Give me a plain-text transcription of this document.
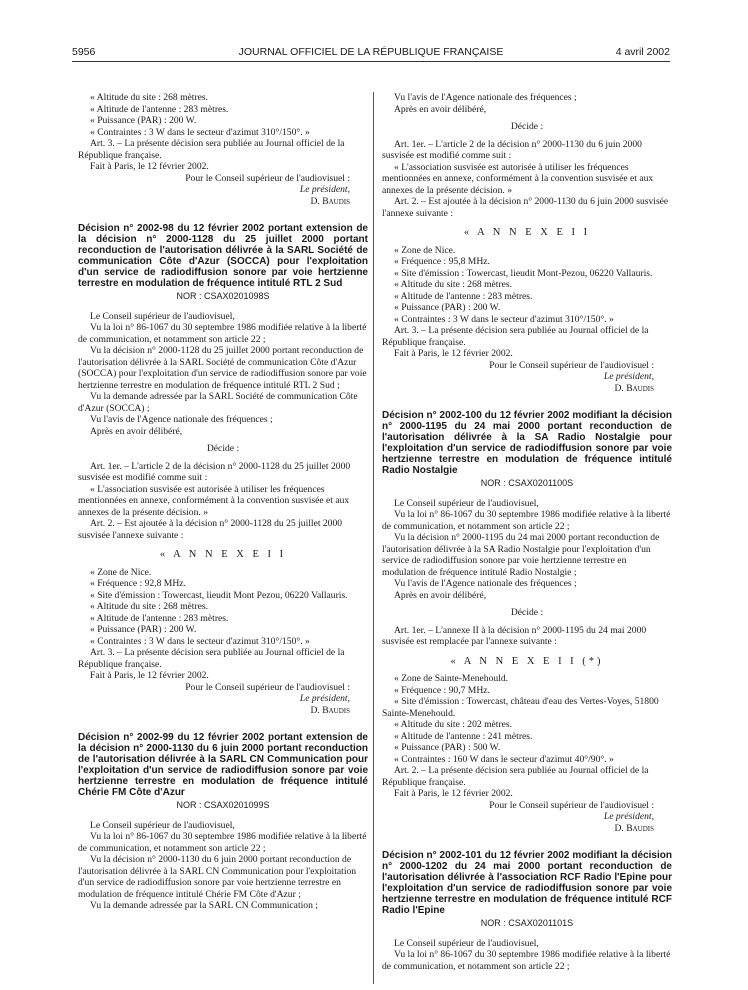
5956	JOURNAL OFFICIEL DE LA RÉPUBLIQUE FRANÇAISE	4 avril 2002

« Altitude du site : 268 mètres.

« Altitude de l'antenne : 283 mètres.

« Puissance (PAR) : 200 W.

« Contraintes : 3 W dans le secteur d'azimut 310°/150°. »

Art. 3. – La présente décision sera publiée au Journal officiel de la République française.

Fait à Paris, le 12 février 2002.

Pour le Conseil supérieur de l'audiovisuel :
Le président,
D. Baudis

Décision n° 2002-98 du 12 février 2002 portant extension de la décision n° 2000-1128 du 25 juillet 2000 portant reconduction de l'autorisation délivrée à la SARL Société de communication Côte d'Azur (SOCCA) pour l'exploitation d'un service de radiodiffusion sonore par voie hertzienne terrestre en modulation de fréquence intitulé RTL 2 Sud

NOR : CSAX0201098S

Le Conseil supérieur de l'audiovisuel,

Vu la loi n° 86-1067 du 30 septembre 1986 modifiée relative à la liberté de communication, et notamment son article 22 ;

Vu la décision n° 2000-1128 du 25 juillet 2000 portant reconduction de l'autorisation délivrée à la SARL Société de communication Côte d'Azur (SOCCA) pour l'exploitation d'un service de radiodiffusion sonore par voie hertzienne terrestre en modulation de fréquence intitulé RTL 2 Sud ;

Vu la demande adressée par la SARL Société de communication Côte d'Azur (SOCCA) ;

Vu l'avis de l'Agence nationale des fréquences ;

Après en avoir délibéré,

Décide :

Art. 1er. – L'article 2 de la décision n° 2000-1128 du 25 juillet 2000 susvisée est modifié comme suit :

« L'association susvisée est autorisée à utiliser les fréquences mentionnées en annexe, conformément à la convention susvisée et aux annexes de la présente décision. »

Art. 2. – Est ajoutée à la décision n° 2000-1128 du 25 juillet 2000 susvisée l'annexe suivante :

« A N N E X E I I

« Zone de Nice.

« Fréquence : 92,8 MHz.

« Site d'émission : Towercast, lieudit Mont Pezou, 06220 Vallauris.

« Altitude du site : 268 mètres.

« Altitude de l'antenne : 283 mètres.

« Puissance (PAR) : 200 W.

« Contraintes : 3 W dans le secteur d'azimut 310°/150°. »

Art. 3. – La présente décision sera publiée au Journal officiel de la République française.

Fait à Paris, le 12 février 2002.

Pour le Conseil supérieur de l'audiovisuel :
Le président,
D. Baudis

Décision n° 2002-99 du 12 février 2002 portant extension de la décision n° 2000-1130 du 6 juin 2000 portant reconduction de l'autorisation délivrée à la SARL CN Communication pour l'exploitation d'un service de radiodiffusion sonore par voie hertzienne terrestre en modulation de fréquence intitulé Chérie FM Côte d'Azur

NOR : CSAX0201099S

Le Conseil supérieur de l'audiovisuel,

Vu la loi n° 86-1067 du 30 septembre 1986 modifiée relative à la liberté de communication, et notamment son article 22 ;

Vu la décision n° 2000-1130 du 6 juin 2000 portant reconduction de l'autorisation délivrée à la SARL CN Communication pour l'exploitation d'un service de radiodiffusion sonore par voie hertzienne terrestre en modulation de fréquence intitulé Chérie FM Côte d'Azur ;

Vu la demande adressée par la SARL CN Communication ;

Vu l'avis de l'Agence nationale des fréquences ;

Après en avoir délibéré,

Décide :

Art. 1er. – L'article 2 de la décision n° 2000-1130 du 6 juin 2000 susvisée est modifié comme suit :

« L'association susvisée est autorisée à utiliser les fréquences mentionnées en annexe, conformément à la convention susvisée et aux annexes de la présente décision. »

Art. 2. – Est ajoutée à la décision n° 2000-1130 du 6 juin 2000 susvisée l'annexe suivante :

« A N N E X E I I

« Zone de Nice.

« Fréquence : 95,8 MHz.

« Site d'émission : Towercast, lieudit Mont-Pezou, 06220 Vallauris.

« Altitude du site : 268 mètres.

« Altitude de l'antenne : 283 mètres.

« Puissance (PAR) : 200 W.

« Contraintes : 3 W dans le secteur d'azimut 310°/150°. »

Art. 3. – La présente décision sera publiée au Journal officiel de la République française.

Fait à Paris, le 12 février 2002.

Pour le Conseil supérieur de l'audiovisuel :
Le président,
D. Baudis

Décision n° 2002-100 du 12 février 2002 modifiant la décision n° 2000-1195 du 24 mai 2000 portant reconduction de l'autorisation délivrée à la SA Radio Nostalgie pour l'exploitation d'un service de radiodiffusion sonore par voie hertzienne terrestre en modulation de fréquence intitulé Radio Nostalgie

NOR : CSAX0201100S

Le Conseil supérieur de l'audiovisuel,

Vu la loi n° 86-1067 du 30 septembre 1986 modifiée relative à la liberté de communication, et notamment son article 22 ;

Vu la décision n° 2000-1195 du 24 mai 2000 portant reconduction de l'autorisation délivrée à la SA Radio Nostalgie pour l'exploitation d'un service de radiodiffusion sonore par voie hertzienne terrestre en modulation de fréquence intitulé Radio Nostalgie ;

Vu l'avis de l'Agence nationale des fréquences ;

Après en avoir délibéré,

Décide :

Art. 1er. – L'annexe II à la décision n° 2000-1195 du 24 mai 2000 susvisée est remplacée par l'annexe suivante :

« A N N E X E I I (*)

« Zone de Sainte-Menehould.

« Fréquence : 90,7 MHz.

« Site d'émission : Towercast, château d'eau des Vertes-Voyes, 51800 Sainte-Menehould.

« Altitude du site : 202 mètres.

« Altitude de l'antenne : 241 mètres.

« Puissance (PAR) : 500 W.

« Contraintes : 160 W dans le secteur d'azimut 40°/90°. »

Art. 2. – La présente décision sera publiée au Journal officiel de la République française.

Fait à Paris, le 12 février 2002.

Pour le Conseil supérieur de l'audiovisuel :
Le président,
D. Baudis

Décision n° 2002-101 du 12 février 2002 modifiant la décision n° 2000-1202 du 24 mai 2000 portant reconduction de l'autorisation délivrée à l'association RCF Radio l'Epine pour l'exploitation d'un service de radiodiffusion sonore par voie hertzienne terrestre en modulation de fréquence intitulé RCF Radio l'Epine

NOR : CSAX0201101S

Le Conseil supérieur de l'audiovisuel,

Vu la loi n° 86-1067 du 30 septembre 1986 modifiée relative à la liberté de communication, et notamment son article 22 ;
